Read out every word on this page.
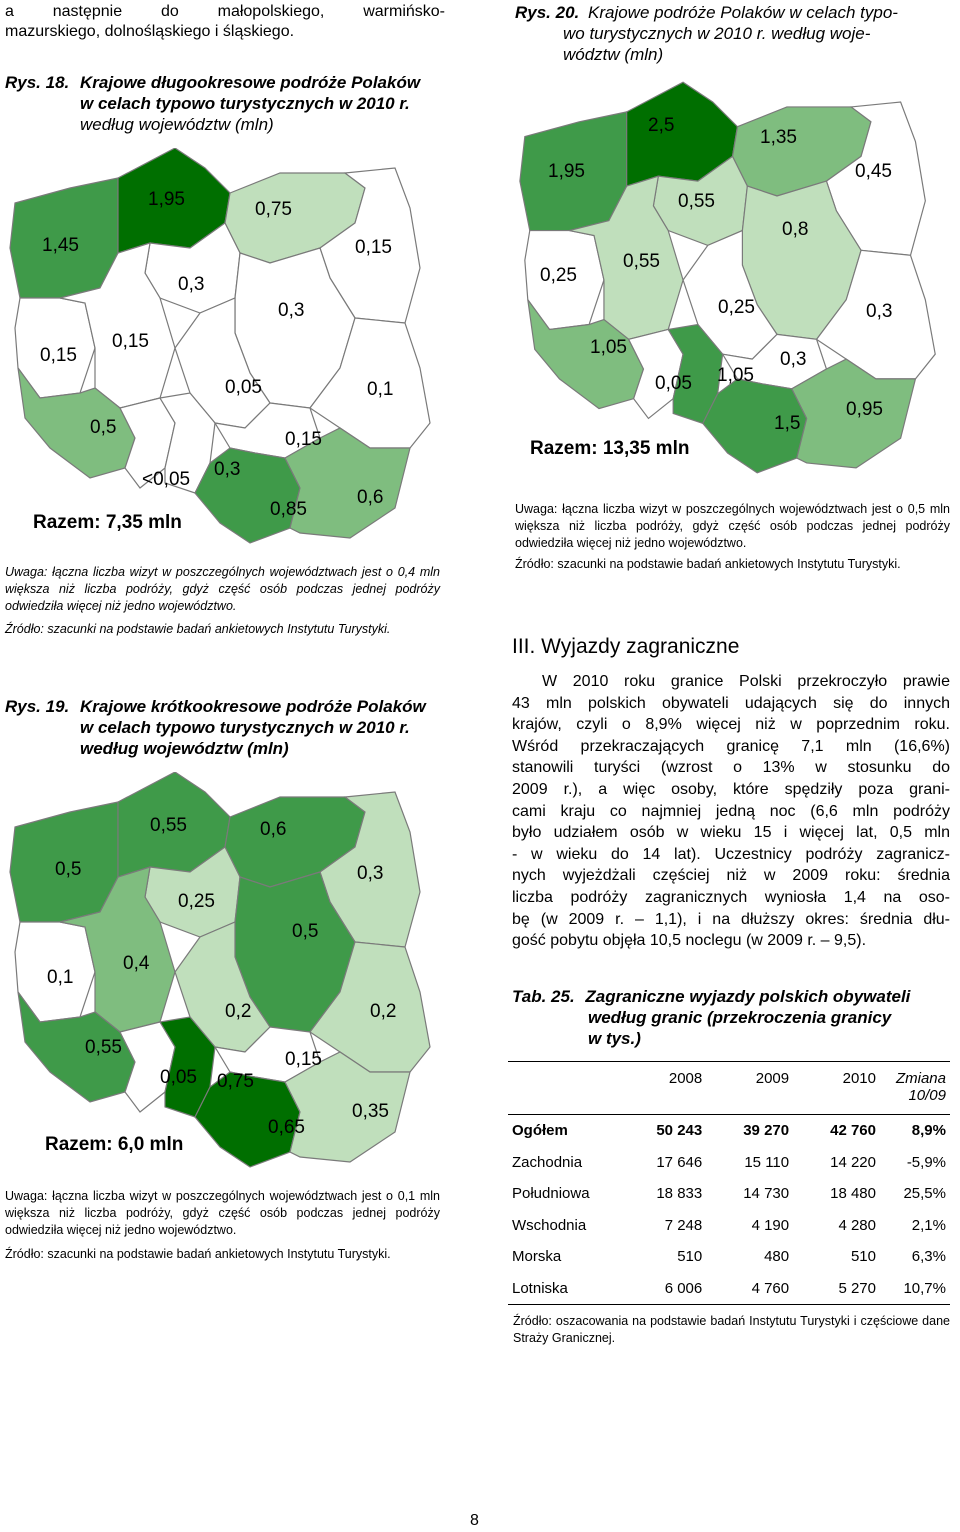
a następnie do małopolskiego, warmińsko-
mazurskiego, dolnośląskiego i śląskiego.
Rys. 18. Krajowe długookresowe podróże Polaków
w celach typowo turystycznych w 2010 r.
według województw (mln)
1,45
1,95	0,75
0,15
0,3
0,3
0,15
0,15
0,05	0,1
0,5
0,15
<0,05 0,3
0,85
0,6
Razem: 7,35 mln
Uwaga: łączna liczba wizyt w poszczególnych województwach jest o 0,4 mln większa niż liczba podróży, gdyż część osób podczas jednej podróży odwiedziła więcej niż jedno województwo.
Źródło: szacunki na podstawie badań ankietowych Instytutu Turystyki.
Rys. 19. Krajowe krótkookresowe podróże Polaków
w celach typowo turystycznych w 2010 r.
według województw (mln)
0,55	0,6
0,5	0,3
0,25
0,5
0,1
0,4
0,2	0,2
0,55
0,15
0,05 0,75
0,35
0,65
Razem: 6,0 mln
Uwaga: łączna liczba wizyt w poszczególnych województwach jest o 0,1 mln większa niż liczba podróży, gdyż część osób podczas jednej podróży odwiedziła więcej niż jedno województwo.
Źródło: szacunki na podstawie badań ankietowych Instytutu Turystyki.
Rys. 20. Krajowe podróże Polaków w celach typo-
wo turystycznych w 2010 r. według woje-
wództw (mln)
2,5
1,35
1,95	0,45
0,55
0,8
0,25
0,55
0,25	0,3
1,05
0,3
0,05 1,05
0,95
1,5
Razem: 13,35 mln
Uwaga: łączna liczba wizyt w poszczególnych województwach jest o 0,5 mln większa niż liczba podróży, gdyż część osób podczas jednej podróży odwiedziła więcej niż jedno województwo.
Źródło: szacunki na podstawie badań ankietowych Instytutu Turystyki.
III. Wyjazdy zagraniczne
W 2010 roku granice Polski przekroczyło prawie
43 mln polskich obywateli udających się do innych
krajów, czyli o 8,9% więcej niż w poprzednim roku.
Wśród przekraczających granicę 7,1 mln (16,6%)
stanowili turyści (wzrost o 13% w stosunku do
2009 r.), a więc osoby, które spędziły poza grani-
cami kraju co najmniej jedną noc (6,6 mln podróży
było udziałem osób w wieku 15 i więcej lat, 0,5 mln
- w wieku do 14 lat). Uczestnicy podróży zagranicz-
nych wyjeżdżali częściej niż w 2009 roku: średnia
liczba podróży zagranicznych wyniosła 1,4 na oso-
bę (w 2009 r. – 1,1), i na dłuższy okres: średnia dłu-
gość pobytu objęła 10,5 noclegu (w 2009 r. – 9,5).
Tab. 25. Zagraniczne wyjazdy polskich obywateli
według granic (przekroczenia granicy
w tys.)
	2008	2009	2010	Zmiana 10/09
Ogółem	50 243	39 270	42 760	8,9%
Zachodnia	17 646	15 110	14 220	-5,9%
Południowa	18 833	14 730	18 480	25,5%
Wschodnia	7 248	4 190	4 280	2,1%
Morska	510	480	510	6,3%
Lotniska	6 006	4 760	5 270	10,7%
Źródło: oszacowania na podstawie badań Instytutu Turystyki i częściowe dane Straży Granicznej.
8
